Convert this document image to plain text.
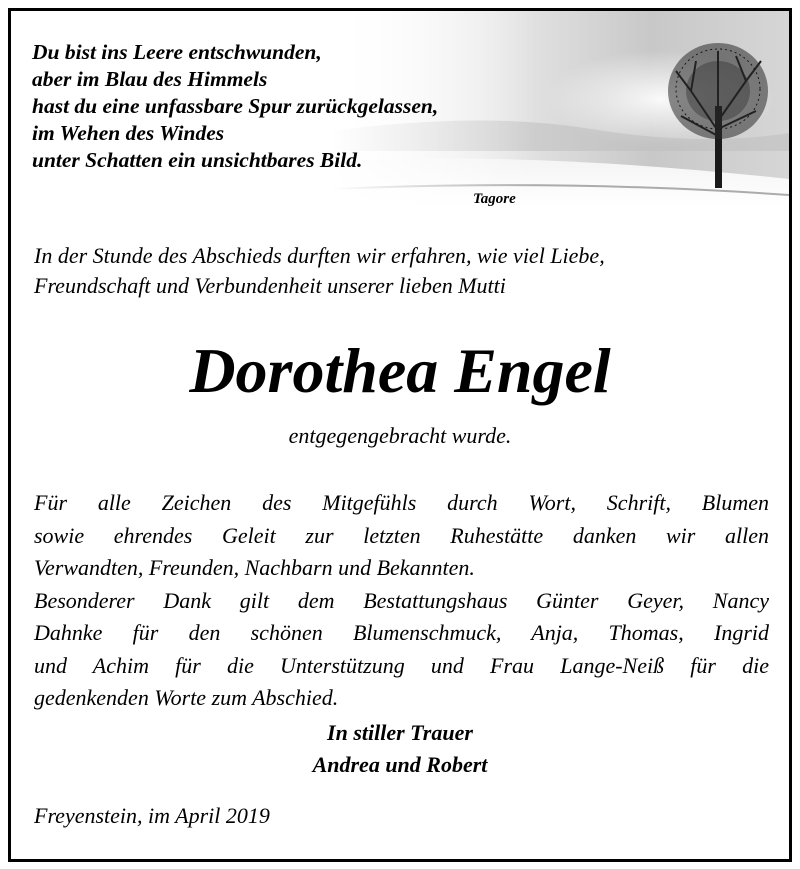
Du bist ins Leere entschwunden,
aber im Blau des Himmels
hast du eine unfassbare Spur zurückgelassen,
im Wehen des Windes
unter Schatten ein unsichtbares Bild.
Tagore
In der Stunde des Abschieds durften wir erfahren, wie viel Liebe,
Freundschaft und Verbundenheit unserer lieben Mutti
Dorothea Engel
entgegengebracht wurde.
Für alle Zeichen des Mitgefühls durch Wort, Schrift, Blumen
sowie ehrendes Geleit zur letzten Ruhestätte danken wir allen
Verwandten, Freunden, Nachbarn und Bekannten.
Besonderer Dank gilt dem Bestattungshaus Günter Geyer, Nancy
Dahnke für den schönen Blumenschmuck, Anja, Thomas, Ingrid
und Achim für die Unterstützung und Frau Lange-Neiß für die
gedenkenden Worte zum Abschied.
In stiller Trauer
Andrea und Robert
Freyenstein, im April 2019
